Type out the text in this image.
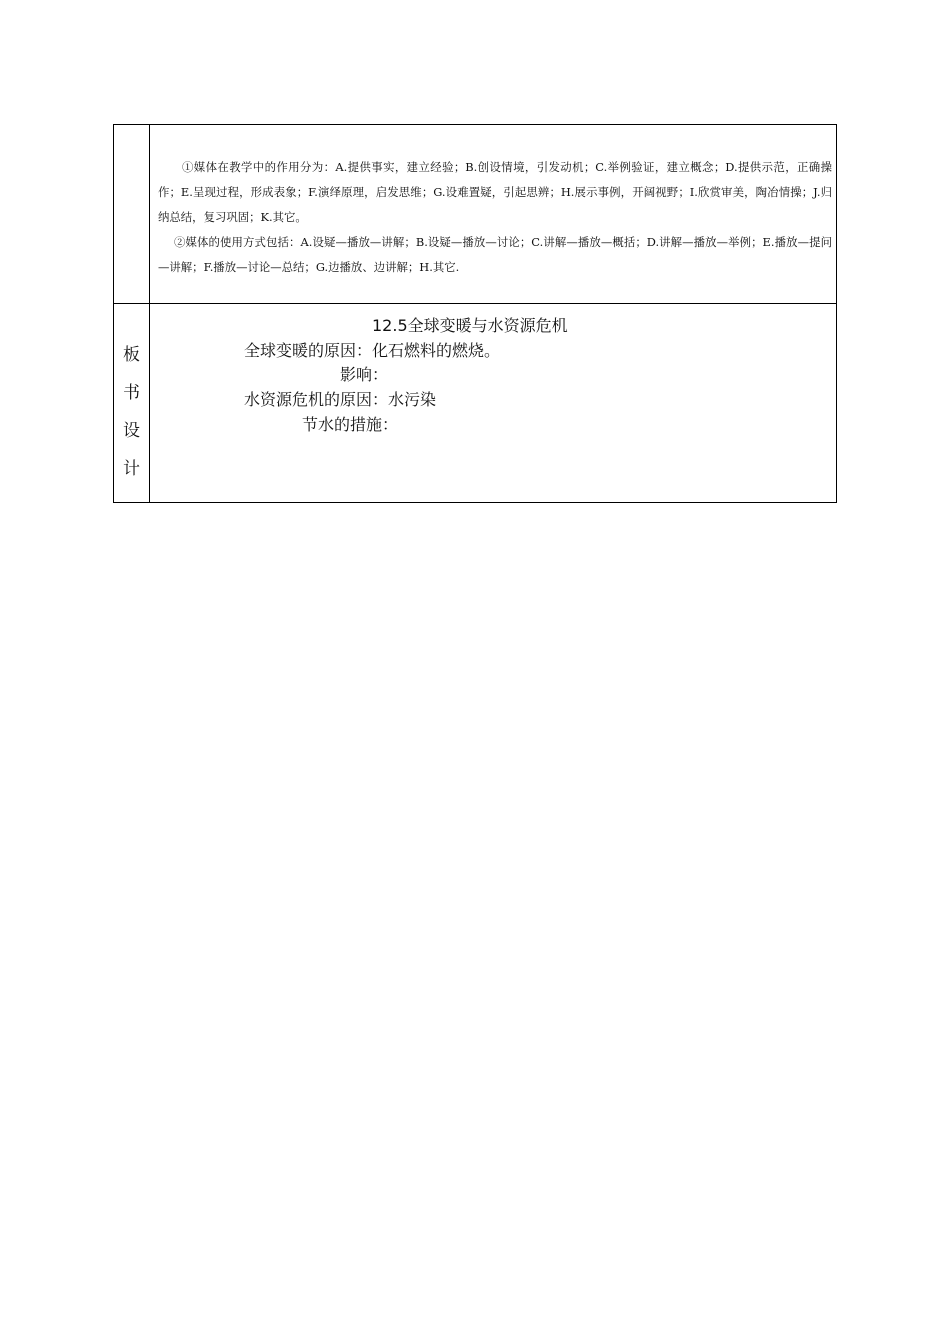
①媒体在教学中的作用分为：A.提供事实，建立经验；B.创设情境，引发动机；C.举例验证，建立概念；D.提供示范，正确操作；E.呈现过程，形成表象；F.演绎原理，启发思维；G.设难置疑，引起思辨；H.展示事例，开阔视野；I.欣赏审美，陶冶情操；J.归纳总结，复习巩固；K.其它。

②媒体的使用方式包括：A.设疑—播放—讲解；B.设疑—播放—讨论；C.讲解—播放—概括；D.讲解—播放—举例；E.播放—提问—讲解；F.播放—讨论—总结；G.边播放、边讲解；H.其它.

板
书
设
计
12.5全球变暖与水资源危机
全球变暖的原因：化石燃料的燃烧。
影响：
水资源危机的原因：水污染
节水的措施：
